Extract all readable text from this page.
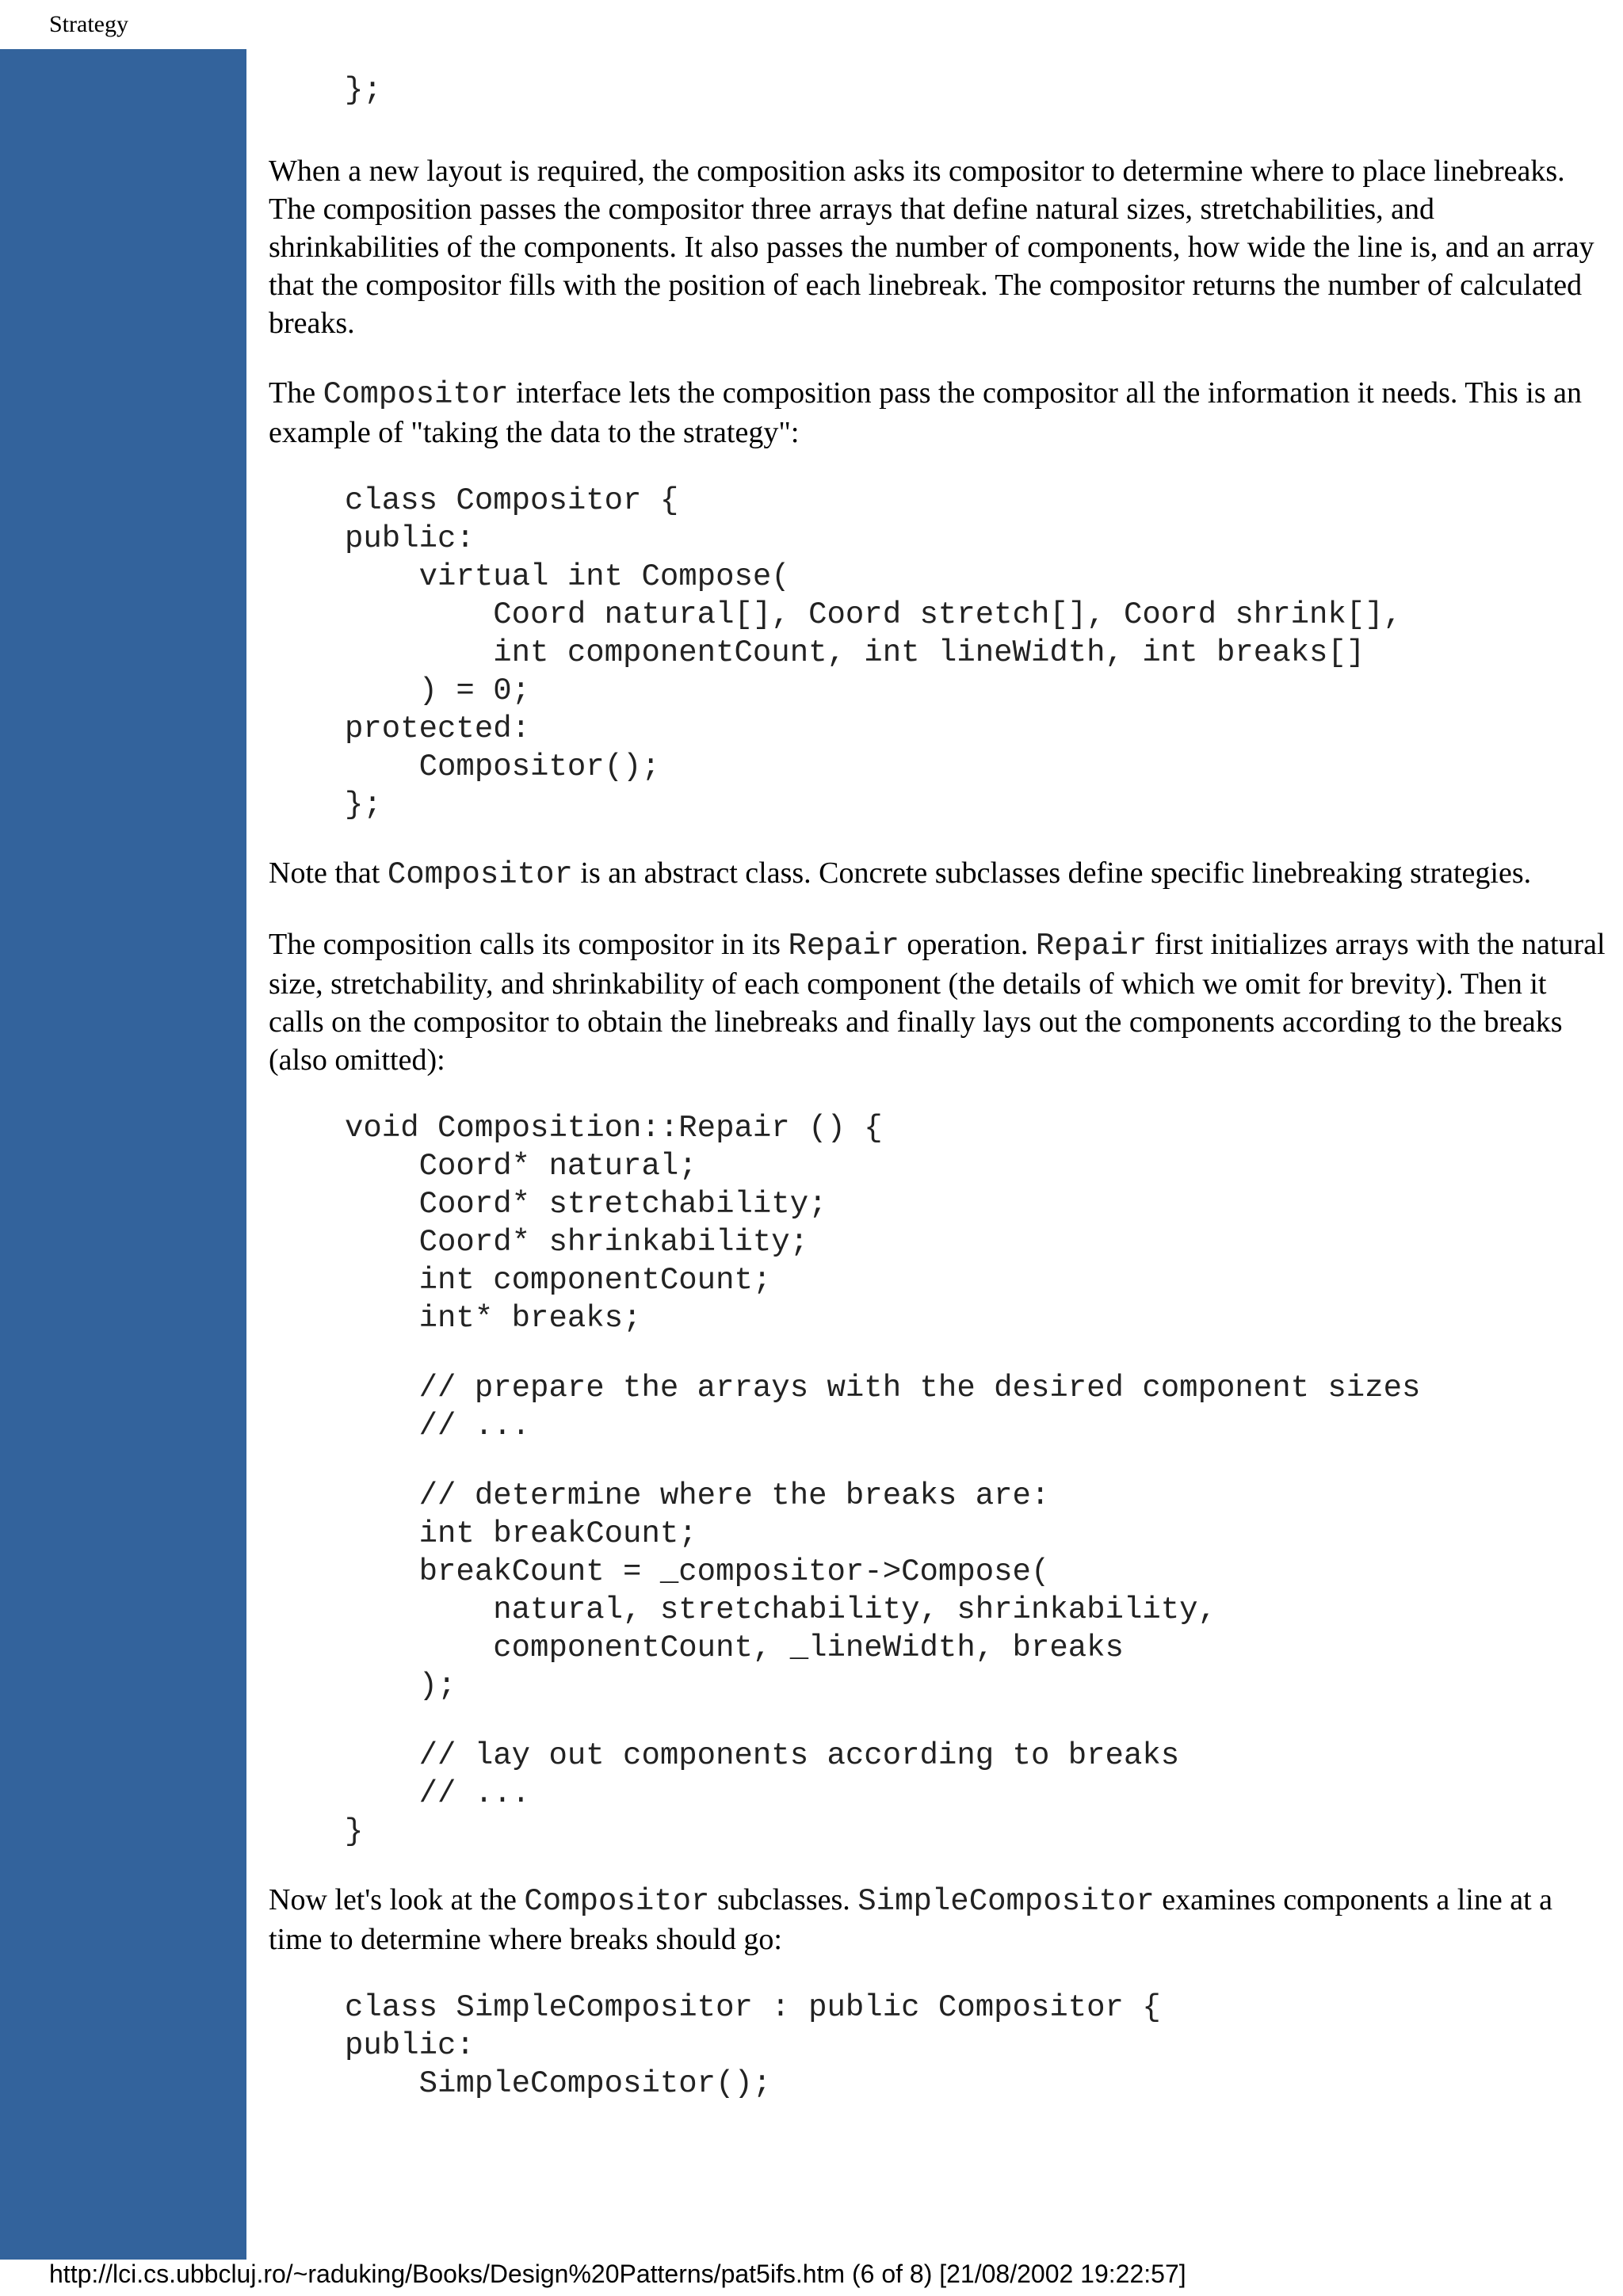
Strategy
};

When a new layout is required, the composition asks its compositor to determine where to place linebreaks. The composition passes the compositor three arrays that define natural sizes, stretchabilities, and shrinkabilities of the components. It also passes the number of components, how wide the line is, and an array that the compositor fills with the position of each linebreak. The compositor returns the number of calculated breaks.

The Compositor interface lets the composition pass the compositor all the information it needs. This is an example of "taking the data to the strategy":

class Compositor {
public:
virtual int Compose(
Coord natural[], Coord stretch[], Coord shrink[],
int componentCount, int lineWidth, int breaks[]
) = 0;
protected:
Compositor();
};

Note that Compositor is an abstract class. Concrete subclasses define specific linebreaking strategies.

The composition calls its compositor in its Repair operation. Repair first initializes arrays with the natural size, stretchability, and shrinkability of each component (the details of which we omit for brevity). Then it calls on the compositor to obtain the linebreaks and finally lays out the components according to the breaks (also omitted):

void Composition::Repair () {
Coord* natural;
Coord* stretchability;
Coord* shrinkability;
int componentCount;
int* breaks;
// prepare the arrays with the desired component sizes
// ...
// determine where the breaks are:
int breakCount;
breakCount = _compositor->Compose(
natural, stretchability, shrinkability,
componentCount, _lineWidth, breaks
);
// lay out components according to breaks
// ...
}

Now let's look at the Compositor subclasses. SimpleCompositor examines components a line at a time to determine where breaks should go:

class SimpleCompositor : public Compositor {
public:
SimpleCompositor();
http://lci.cs.ubbcluj.ro/~raduking/Books/Design%20Patterns/pat5ifs.htm (6 of 8) [21/08/2002 19:22:57]
